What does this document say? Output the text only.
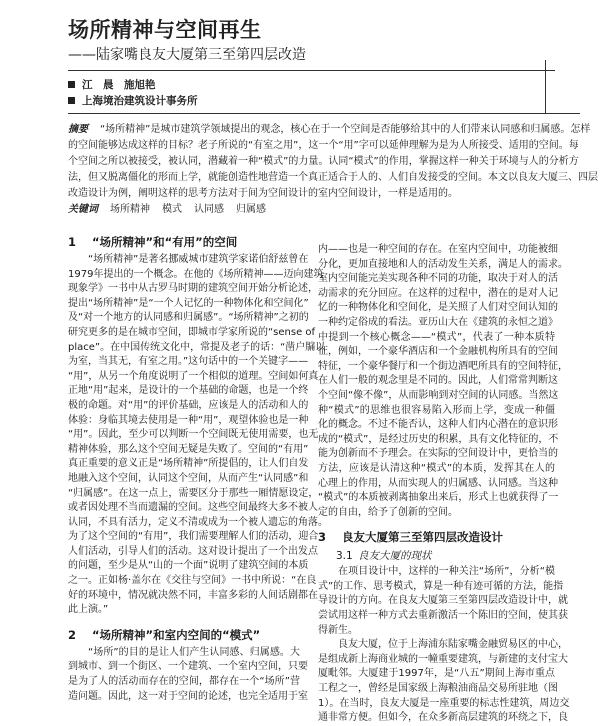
场所精神与空间再生
——陆家嘴良友大厦第三至第四层改造
江　晨　施旭艳
上海境治建筑设计事务所
摘要 “场所精神”是城市建筑学领域提出的观念，核心在于一个空间是否能够给其中的人们带来认同感和归属感。怎样
的空间能够达成这样的目标？老子所说的“有室之用”，这一个“用”字可以延伸理解为是为人所接受、适用的空间。每
个空间之所以被接受，被认同，潜藏着一种“模式”的力量。认同“模式”的作用，掌握这样一种关于环境与人的分析方
法，但又脱离僵化的形而上学，就能创造性地营造一个真正适合于人的、人们自发接受的空间。本文以良友大厦三、四层
改造设计为例，阐明这样的思考方法对于间为空间设计的室内空间设计，一样是适用的。
关键词 场所精神 模式 认同感 归属感
1 “场所精神”和“有用”的空间
“场所精神”是著名挪威城市建筑学家诺伯舒兹曾在
1979年提出的一个概念。在他的《场所精神——迈向建筑
现象学》一书中从古罗马时期的建筑空间开始分析论述，
提出“场所精神”是“一个人记忆的一种物体化和空间化”
及“对一个地方的认同感和归属感”。“场所精神”之初的
研究更多的是在城市空间，即城市学家所说的“sense of
place”。在中国传统文化中，常提及老子的话：“凿户牖以
为室，当其无，有室之用。”这句话中的一个关键字——
“用”，从另一个角度说明了一个相似的道理。空间如何真
正地“用”起来，是设计的一个基础的命题，也是一个终
极的命题。对“用”的评价基础，应该是人的活动和人的
体验：身临其境去使用是一种“用”，观望体验也是一种
“用”。因此，至少可以判断一个空间既无使用需要，也无
精神体验，那么这个空间无疑是失败了。空间的“有用”
真正重要的意义正是“场所精神”所提倡的，让人们自发
地融入这个空间，认同这个空间，从而产生“认同感”和
“归属感”。在这一点上，需要区分于那些一厢情愿设定，
或者因处理不当而遗漏的空间。这些空间最终大多不被人
认同，不具有活力，定义不清或成为一个被人遗忘的角落。
为了这个空间的“有用”，我们需要理解人们的活动，迎合
人们活动，引导人们的活动。这对设计提出了一个出发点
的问题，至少是从“山的一个面”说明了建筑空间的本质
之一。正如杨·盖尔在《交往与空间》一书中所说：“在良
好的环境中，情况就决然不同，丰富多彩的人间话剧都在
此上演。”
2 “场所精神”和室内空间的“模式”
“场所”的目的是让人们产生认同感、归属感。大
到城市、到一个街区、一个建筑、一个室内空间，只要
是为了人的活动而存在的空间，都存在一个“场所”营
造问题。因此，这一对于空间的论述，也完全适用于室
内——也是一种空间的存在。在室内空间中，功能被细
分化，更加直接地和人的活动发生关系，满足人的需求。
室内空间能完美实现各种不同的功能，取决于对人的活
动需求的充分回应。在这样的过程中，潜在的是对人记
忆的一种物体化和空间化，是关照了人们对空间认知的
一种约定俗成的看法。亚历山大在《建筑的永恒之道》
中提到一个核心概念——“模式”，代表了一种本质特
征，例如，一个豪华酒店和一个金融机构所具有的空间
特征，一个豪华餐厅和一个街边酒吧所具有的空间特征，
在人们一般的观念里是不同的。因此，人们常常判断这
个空间“像不像”，从而影响到对空间的认同感。当然这
种“模式”的思维也很容易陷入形而上学，变成一种僵
化的概念。不过不能否认，这种人们内心潜在的意识形
成的“模式”，是经过历史的积累，具有文化特征的，不
能为创新而不予理会。在实际的空间设计中，更恰当的
方法，应该是认清这种“模式”的本质，发挥其在人的
心理上的作用，从而实现人的归属感、认同感。当这种
“模式”的本质被剥离抽象出来后，形式上也就获得了一
定的自由，给予了创新的空间。
3 良友大厦第三至第四层改造设计
3.1 良友大厦的现状
在项目设计中，这样的一种关注“场所”，分析“模
式”的工作、思考模式，算是一种有迹可循的方法，能指
导设计的方向。在良友大厦第三至第四层改造设计中，就
尝试用这样一种方式去重新激活一个陈旧的空间，使其获
得新生。
良友大厦，位于上海浦东陆家嘴金融贸易区的中心，
是组成新上海商业城的一幢重要建筑，与新建的支付宝大
厦毗邻。大厦建于1997年，是“八五”期间上海市重点
工程之一，曾经是国家级上海粮油商品交易所驻地（图
1）。在当时，良友大厦是一座重要的标志性建筑，周边交
通非常方便。但如今，在众多新高层建筑的环绕之下，良
